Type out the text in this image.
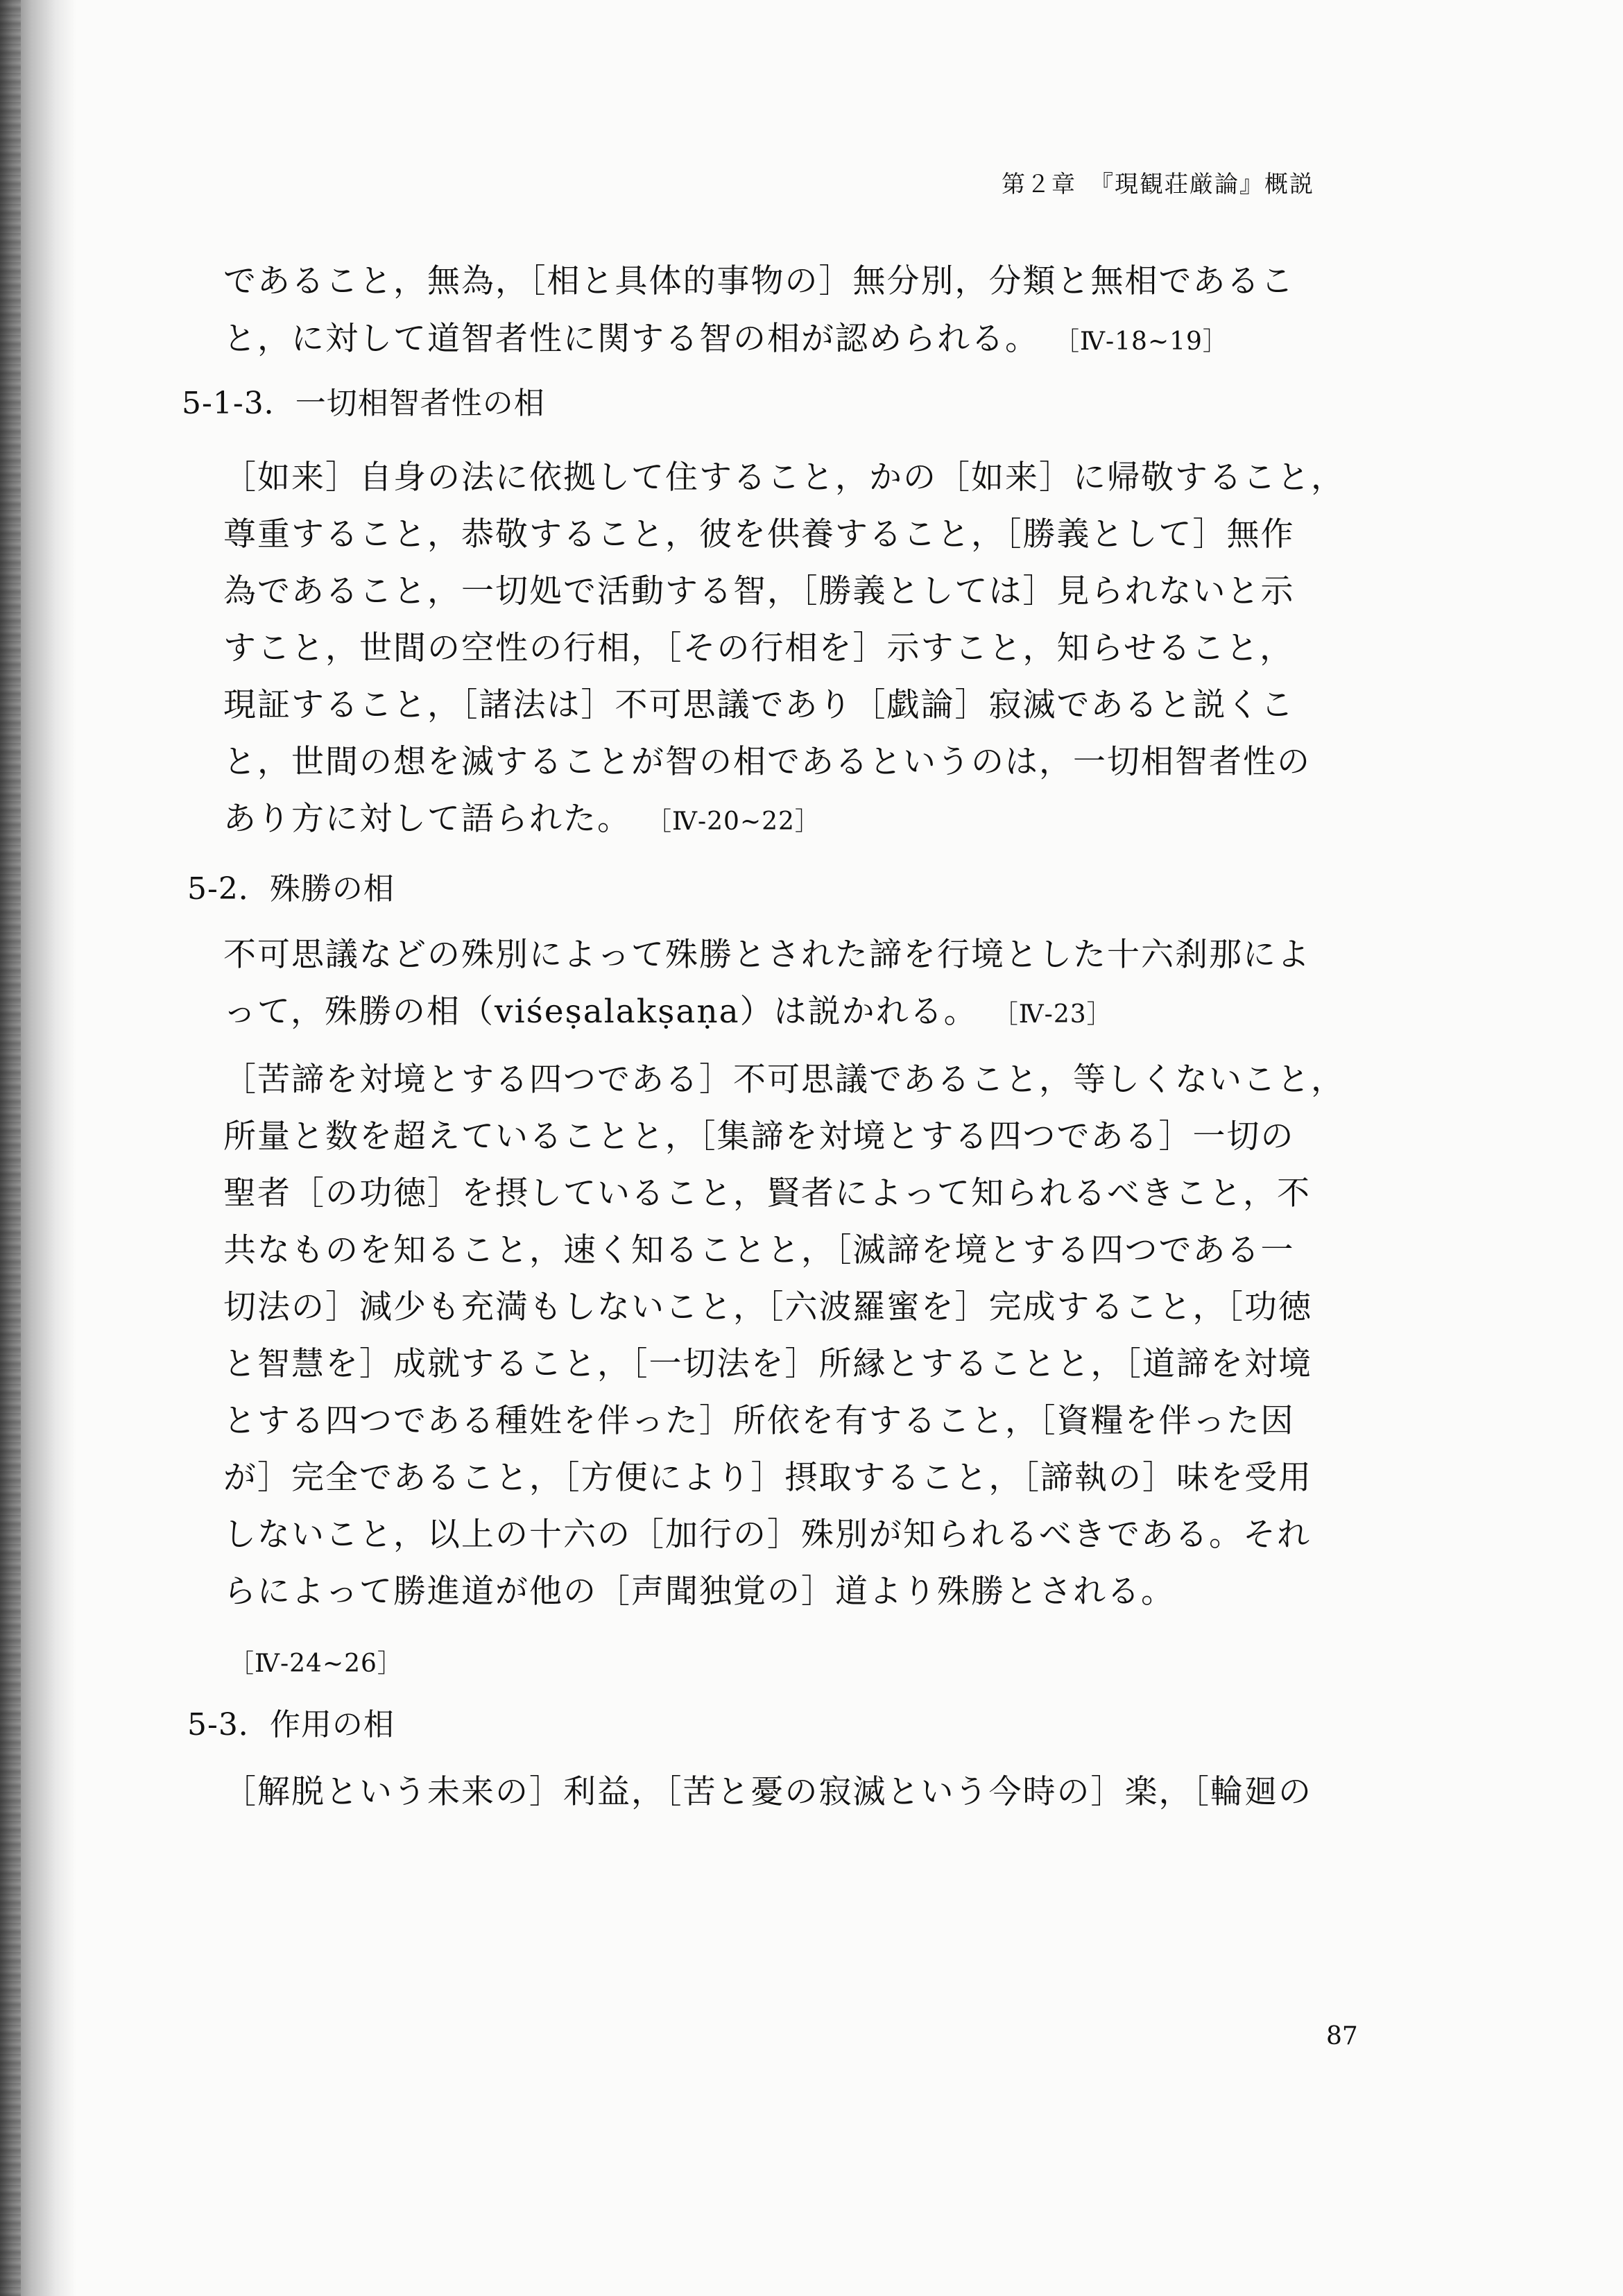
第２章　『現観荘厳論』概説
であること，無為，［相と具体的事物の］無分別，分類と無相であるこ
と，に対して道智者性に関する智の相が認められる。 ［Ⅳ-18~19］
5-1-3．一切相智者性の相
［如来］自身の法に依拠して住すること，かの［如来］に帰敬すること，
尊重すること，恭敬すること，彼を供養すること，［勝義として］無作
為であること，一切処で活動する智，［勝義としては］見られないと示
すこと，世間の空性の行相，［その行相を］示すこと，知らせること，
現証すること，［諸法は］不可思議であり［戯論］寂滅であると説くこ
と，世間の想を滅することが智の相であるというのは，一切相智者性の
あり方に対して語られた。 ［Ⅳ-20~22］
5-2．殊勝の相
不可思議などの殊別によって殊勝とされた諦を行境とした十六刹那によ
って，殊勝の相（viśeṣalakṣaṇa）は説かれる。 ［Ⅳ-23］
［苦諦を対境とする四つである］不可思議であること，等しくないこと，
所量と数を超えていることと，［集諦を対境とする四つである］一切の
聖者［の功徳］を摂していること，賢者によって知られるべきこと，不
共なものを知ること，速く知ることと，［滅諦を境とする四つである一
切法の］減少も充満もしないこと，［六波羅蜜を］完成すること，［功徳
と智慧を］成就すること，［一切法を］所縁とすることと，［道諦を対境
とする四つである種姓を伴った］所依を有すること，［資糧を伴った因
が］完全であること，［方便により］摂取すること，［諦執の］味を受用
しないこと，以上の十六の［加行の］殊別が知られるべきである。それ
らによって勝進道が他の［声聞独覚の］道より殊勝とされる。
［Ⅳ-24~26］
5-3．作用の相
［解脱という未来の］利益，［苦と憂の寂滅という今時の］楽，［輪廻の
87
